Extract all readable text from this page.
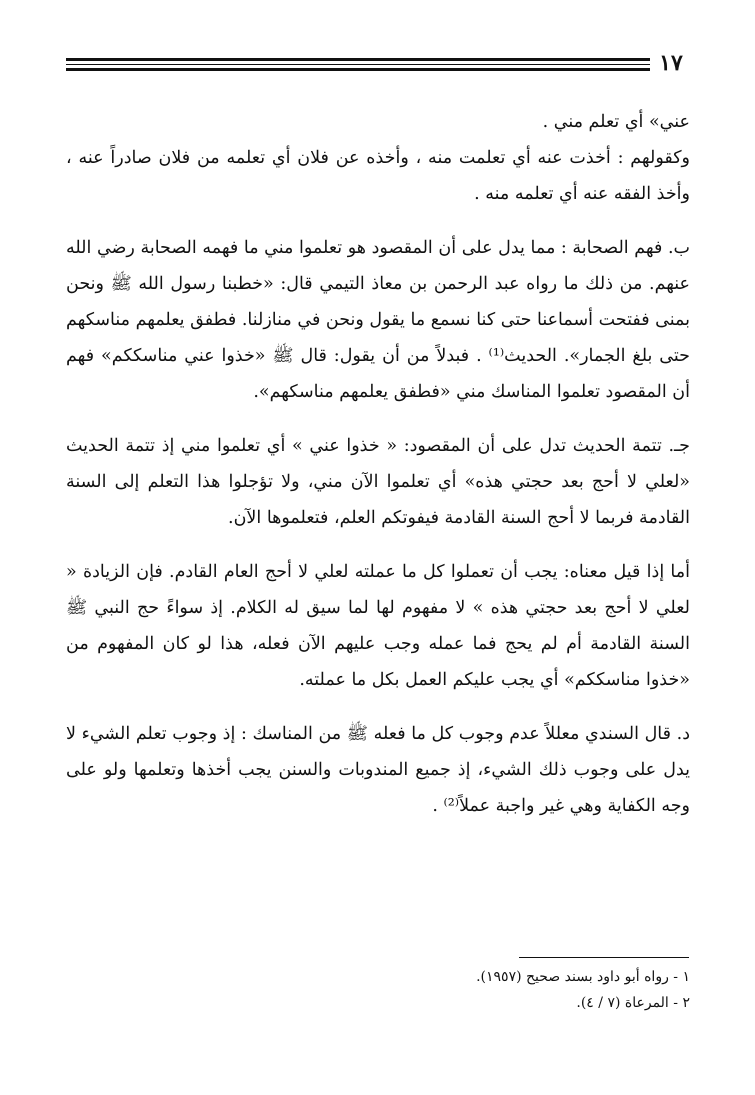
١٧

عني» أي تعلم مني .

وكقولهم : أخذت عنه أي تعلمت منه ، وأخذه عن فلان أي تعلمه من فلان صادراً عنه ، وأخذ الفقه عنه أي تعلمه منه .

ب. فهم الصحابة : مما يدل على أن المقصود هو تعلموا مني ما فهمه الصحابة رضي الله عنهم. من ذلك ما رواه عبد الرحمن بن معاذ التيمي قال: «خطبنا رسول الله ﷺ ونحن بمنى ففتحت أسماعنا حتى كنا نسمع ما يقول ونحن في منازلنا. فطفق يعلمهم مناسكهم حتى بلغ الجمار». الحديث⁽¹⁾ . فبدلاً من أن يقول: قال ﷺ «خذوا عني مناسككم» فهم أن المقصود تعلموا المناسك مني «فطفق يعلمهم مناسكهم».

جـ. تتمة الحديث تدل على أن المقصود: « خذوا عني » أي تعلموا مني إذ تتمة الحديث «لعلي لا أحج بعد حجتي هذه» أي تعلموا الآن مني، ولا تؤجلوا هذا التعلم إلى السنة القادمة فربما لا أحج السنة القادمة فيفوتكم العلم، فتعلموها الآن.

أما إذا قيل معناه: يجب أن تعملوا كل ما عملته لعلي لا أحج العام القادم. فإن الزيادة « لعلي لا أحج بعد حجتي هذه » لا مفهوم لها لما سيق له الكلام. إذ سواءً حج النبي ﷺ السنة القادمة أم لم يحج فما عمله وجب عليهم الآن فعله، هذا لو كان المفهوم من «خذوا مناسككم» أي يجب عليكم العمل بكل ما عملته.

د. قال السندي معللاً عدم وجوب كل ما فعله ﷺ من المناسك : إذ وجوب تعلم الشيء لا يدل على وجوب ذلك الشيء، إذ جميع المندوبات والسنن يجب أخذها وتعلمها ولو على وجه الكفاية وهي غير واجبة عملاً⁽²⁾ .

١ - رواه أبو داود بسند صحيح (١٩٥٧).

٢ - المرعاة (٧ / ٤).
